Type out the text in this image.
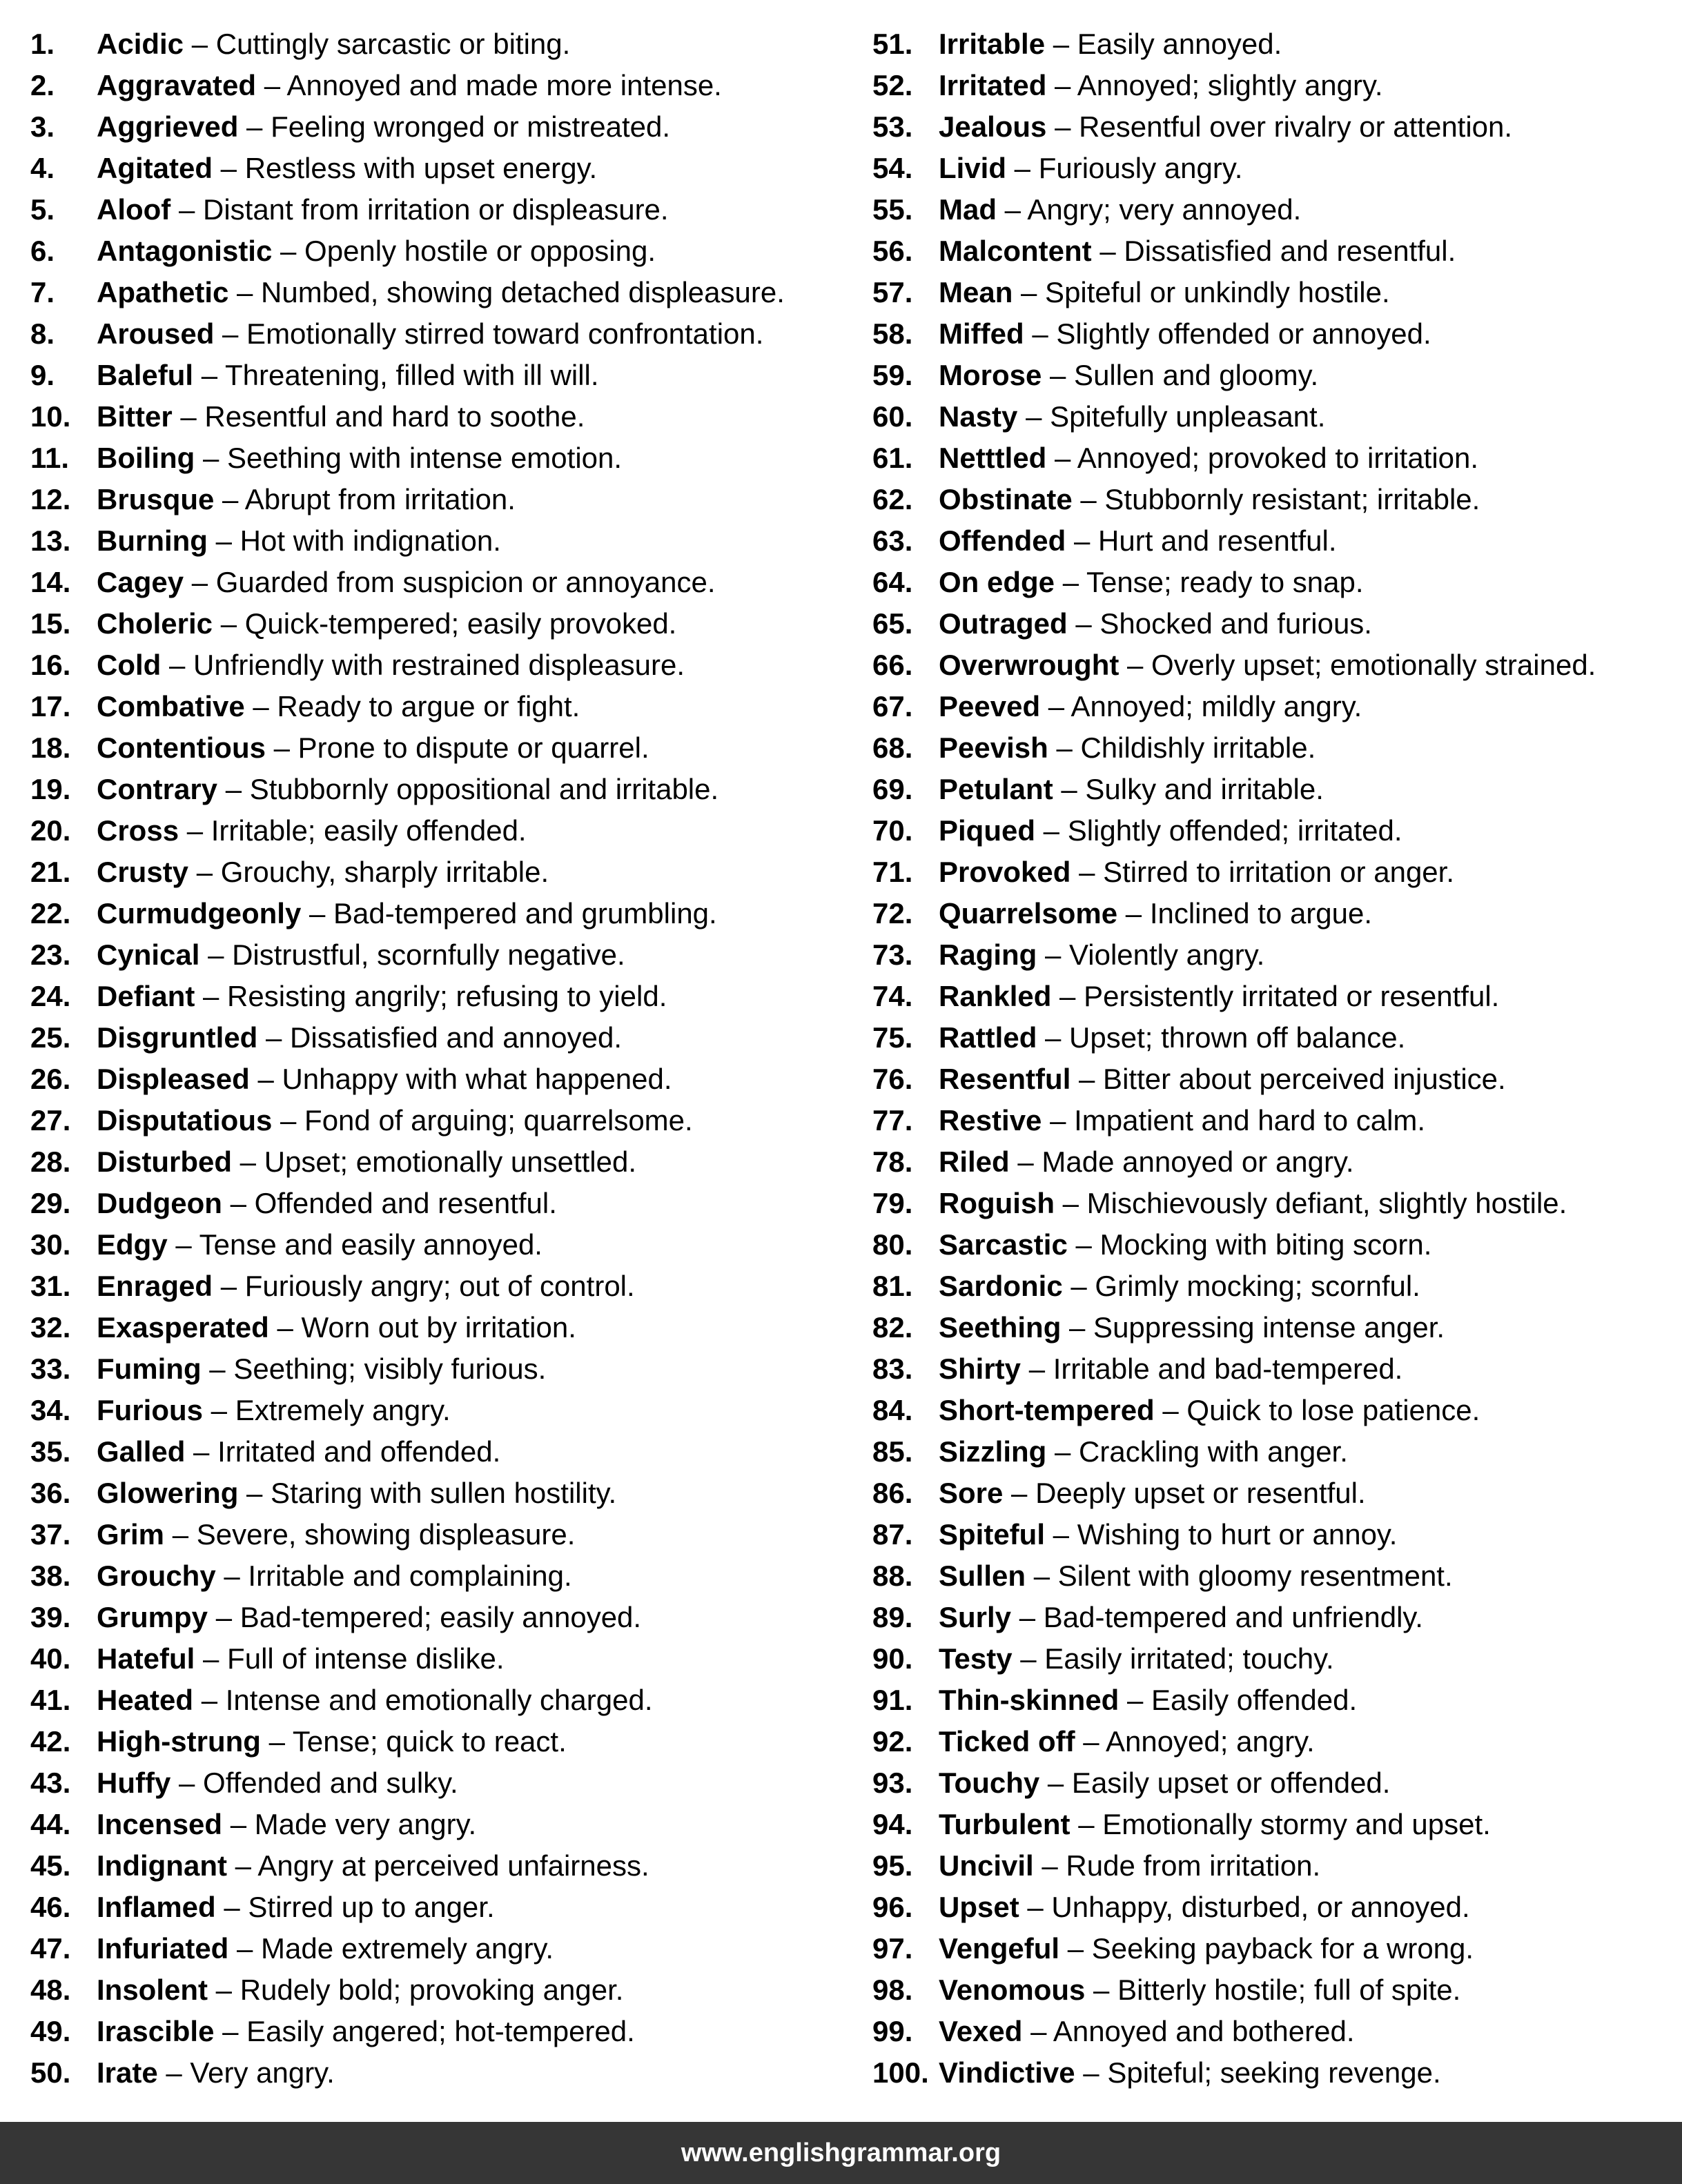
1.	Acidic – Cuttingly sarcastic or biting.
2.	Aggravated – Annoyed and made more intense.
3.	Aggrieved – Feeling wronged or mistreated.
4.	Agitated – Restless with upset energy.
5.	Aloof – Distant from irritation or displeasure.
6.	Antagonistic – Openly hostile or opposing.
7.	Apathetic – Numbed, showing detached displeasure.
8.	Aroused – Emotionally stirred toward confrontation.
9.	Baleful – Threatening, filled with ill will.
10. Bitter – Resentful and hard to soothe.
11. Boiling – Seething with intense emotion.
12. Brusque – Abrupt from irritation.
13. Burning – Hot with indignation.
14. Cagey – Guarded from suspicion or annoyance.
15. Choleric – Quick-tempered; easily provoked.
16. Cold – Unfriendly with restrained displeasure.
17. Combative – Ready to argue or fight.
18. Contentious – Prone to dispute or quarrel.
19. Contrary – Stubbornly oppositional and irritable.
20. Cross – Irritable; easily offended.
21. Crusty – Grouchy, sharply irritable.
22. Curmudgeonly – Bad-tempered and grumbling.
23. Cynical – Distrustful, scornfully negative.
24. Defiant – Resisting angrily; refusing to yield.
25. Disgruntled – Dissatisfied and annoyed.
26. Displeased – Unhappy with what happened.
27. Disputatious – Fond of arguing; quarrelsome.
28. Disturbed – Upset; emotionally unsettled.
29. Dudgeon – Offended and resentful.
30. Edgy – Tense and easily annoyed.
31. Enraged – Furiously angry; out of control.
32. Exasperated – Worn out by irritation.
33. Fuming – Seething; visibly furious.
34. Furious – Extremely angry.
35. Galled – Irritated and offended.
36. Glowering – Staring with sullen hostility.
37. Grim – Severe, showing displeasure.
38. Grouchy – Irritable and complaining.
39. Grumpy – Bad-tempered; easily annoyed.
40. Hateful – Full of intense dislike.
41. Heated – Intense and emotionally charged.
42. High-strung – Tense; quick to react.
43. Huffy – Offended and sulky.
44. Incensed – Made very angry.
45. Indignant – Angry at perceived unfairness.
46. Inflamed – Stirred up to anger.
47. Infuriated – Made extremely angry.
48. Insolent – Rudely bold; provoking anger.
49. Irascible – Easily angered; hot-tempered.
50. Irate – Very angry.
51. Irritable – Easily annoyed.
52. Irritated – Annoyed; slightly angry.
53. Jealous – Resentful over rivalry or attention.
54. Livid – Furiously angry.
55. Mad – Angry; very annoyed.
56. Malcontent – Dissatisfied and resentful.
57. Mean – Spiteful or unkindly hostile.
58. Miffed – Slightly offended or annoyed.
59. Morose – Sullen and gloomy.
60. Nasty – Spitefully unpleasant.
61. Netttled – Annoyed; provoked to irritation.
62. Obstinate – Stubbornly resistant; irritable.
63. Offended – Hurt and resentful.
64. On edge – Tense; ready to snap.
65. Outraged – Shocked and furious.
66. Overwrought – Overly upset; emotionally strained.
67. Peeved – Annoyed; mildly angry.
68. Peevish – Childishly irritable.
69. Petulant – Sulky and irritable.
70. Piqued – Slightly offended; irritated.
71. Provoked – Stirred to irritation or anger.
72. Quarrelsome – Inclined to argue.
73. Raging – Violently angry.
74. Rankled – Persistently irritated or resentful.
75. Rattled – Upset; thrown off balance.
76. Resentful – Bitter about perceived injustice.
77. Restive – Impatient and hard to calm.
78. Riled – Made annoyed or angry.
79. Roguish – Mischievously defiant, slightly hostile.
80. Sarcastic – Mocking with biting scorn.
81. Sardonic – Grimly mocking; scornful.
82. Seething – Suppressing intense anger.
83. Shirty – Irritable and bad-tempered.
84. Short-tempered – Quick to lose patience.
85. Sizzling – Crackling with anger.
86. Sore – Deeply upset or resentful.
87. Spiteful – Wishing to hurt or annoy.
88. Sullen – Silent with gloomy resentment.
89. Surly – Bad-tempered and unfriendly.
90. Testy – Easily irritated; touchy.
91. Thin-skinned – Easily offended.
92. Ticked off – Annoyed; angry.
93. Touchy – Easily upset or offended.
94. Turbulent – Emotionally stormy and upset.
95. Uncivil – Rude from irritation.
96. Upset – Unhappy, disturbed, or annoyed.
97. Vengeful – Seeking payback for a wrong.
98. Venomous – Bitterly hostile; full of spite.
99. Vexed – Annoyed and bothered.
100. Vindictive – Spiteful; seeking revenge.
www.englishgrammar.org
